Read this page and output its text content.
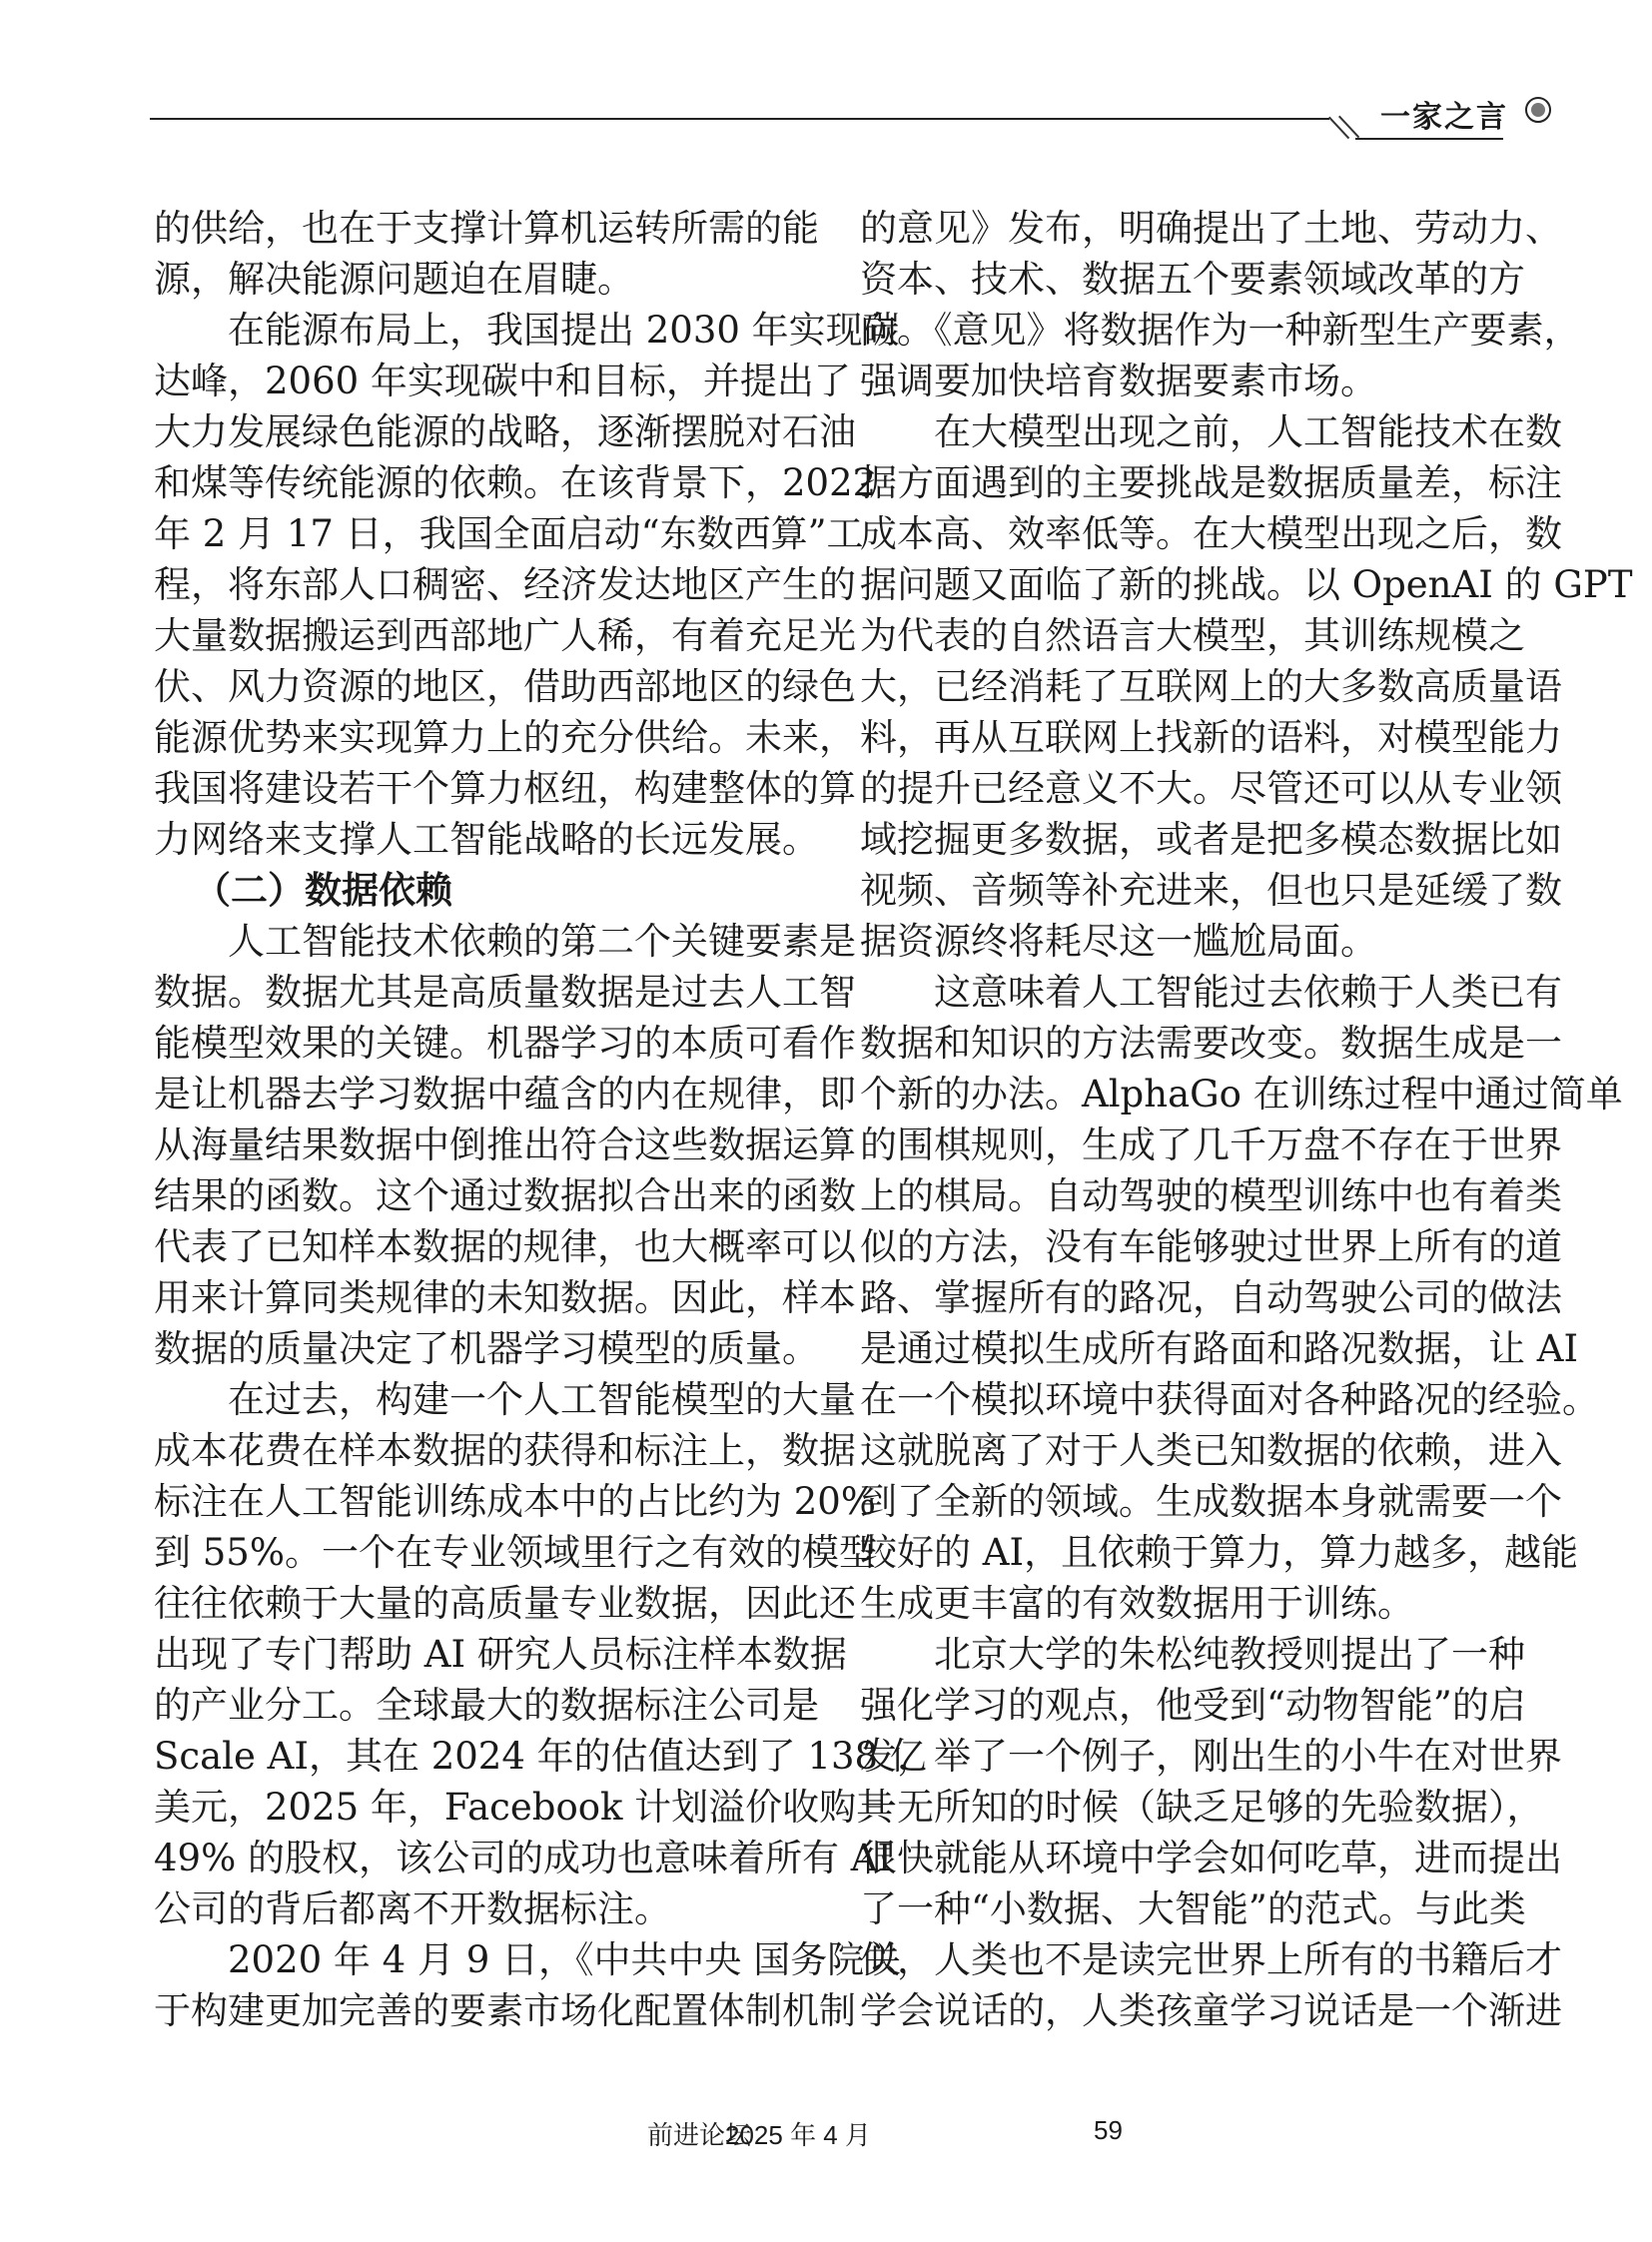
一家之言
的供给，也在于支撑计算机运转所需的能
源，解决能源问题迫在眉睫。
在能源布局上，我国提出 2030 年实现碳
达峰，2060 年实现碳中和目标，并提出了
大力发展绿色能源的战略，逐渐摆脱对石油
和煤等传统能源的依赖。在该背景下，2022
年 2 月 17 日，我国全面启动“东数西算”工
程，将东部人口稠密、经济发达地区产生的
大量数据搬运到西部地广人稀，有着充足光
伏、风力资源的地区，借助西部地区的绿色
能源优势来实现算力上的充分供给。未来，
我国将建设若干个算力枢纽，构建整体的算
力网络来支撑人工智能战略的长远发展。
（二）数据依赖
人工智能技术依赖的第二个关键要素是
数据。数据尤其是高质量数据是过去人工智
能模型效果的关键。机器学习的本质可看作
是让机器去学习数据中蕴含的内在规律，即
从海量结果数据中倒推出符合这些数据运算
结果的函数。这个通过数据拟合出来的函数
代表了已知样本数据的规律，也大概率可以
用来计算同类规律的未知数据。因此，样本
数据的质量决定了机器学习模型的质量。
在过去，构建一个人工智能模型的大量
成本花费在样本数据的获得和标注上，数据
标注在人工智能训练成本中的占比约为 20%
到 55%。一个在专业领域里行之有效的模型
往往依赖于大量的高质量专业数据，因此还
出现了专门帮助 AI 研究人员标注样本数据
的产业分工。全球最大的数据标注公司是
Scale AI，其在 2024 年的估值达到了 138 亿
美元，2025 年，Facebook 计划溢价收购其
49% 的股权，该公司的成功也意味着所有 AI
公司的背后都离不开数据标注。
2020 年 4 月 9 日，《中共中央 国务院关
于构建更加完善的要素市场化配置体制机制
的意见》发布，明确提出了土地、劳动力、
资本、技术、数据五个要素领域改革的方
向。《意见》将数据作为一种新型生产要素，
强调要加快培育数据要素市场。
在大模型出现之前，人工智能技术在数
据方面遇到的主要挑战是数据质量差，标注
成本高、效率低等。在大模型出现之后，数
据问题又面临了新的挑战。以 OpenAI 的 GPT
为代表的自然语言大模型，其训练规模之
大，已经消耗了互联网上的大多数高质量语
料，再从互联网上找新的语料，对模型能力
的提升已经意义不大。尽管还可以从专业领
域挖掘更多数据，或者是把多模态数据比如
视频、音频等补充进来，但也只是延缓了数
据资源终将耗尽这一尴尬局面。
这意味着人工智能过去依赖于人类已有
数据和知识的方法需要改变。数据生成是一
个新的办法。AlphaGo 在训练过程中通过简单
的围棋规则，生成了几千万盘不存在于世界
上的棋局。自动驾驶的模型训练中也有着类
似的方法，没有车能够驶过世界上所有的道
路、掌握所有的路况，自动驾驶公司的做法
是通过模拟生成所有路面和路况数据，让 AI
在一个模拟环境中获得面对各种路况的经验。
这就脱离了对于人类已知数据的依赖，进入
到了全新的领域。生成数据本身就需要一个
较好的 AI，且依赖于算力，算力越多，越能
生成更丰富的有效数据用于训练。
北京大学的朱松纯教授则提出了一种
强化学习的观点，他受到“动物智能”的启
发，举了一个例子，刚出生的小牛在对世界
一无所知的时候（缺乏足够的先验数据），
很快就能从环境中学会如何吃草，进而提出
了一种“小数据、大智能”的范式。与此类
似，人类也不是读完世界上所有的书籍后才
学会说话的，人类孩童学习说话是一个渐进
前进论坛
2025 年 4 月	59
